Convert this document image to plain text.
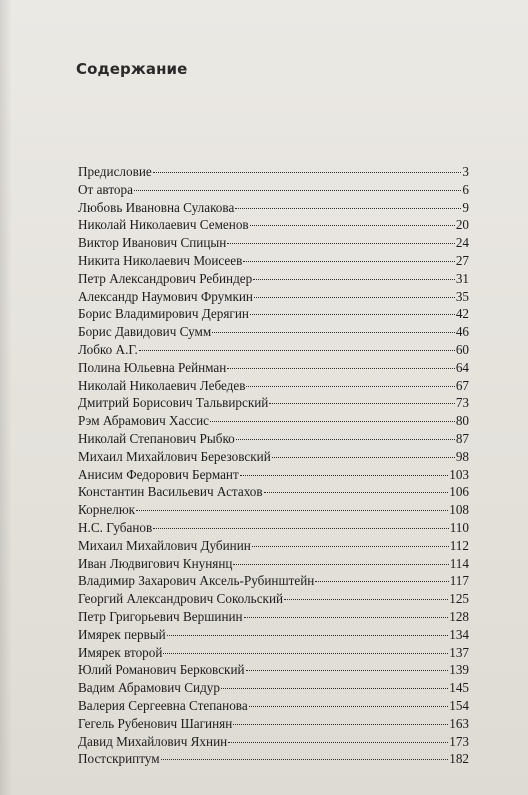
Содержание
Предисловие	3
От автора	6
Любовь Ивановна Сулакова	9
Николай Николаевич Семенов	20
Виктор Иванович Спицын	24
Никита Николаевич Моисеев	27
Петр Александрович Ребиндер	31
Александр Наумович Фрумкин	35
Борис Владимирович Дерягин	42
Борис Давидович Сумм	46
Лобко А.Г.	60
Полина Юльевна Рейнман	64
Николай Николаевич Лебедев	67
Дмитрий Борисович Тальвирский	73
Рэм Абрамович Хассис	80
Николай Степанович Рыбко	87
Михаил Михайлович Березовский	98
Анисим Федорович Бермант	103
Константин Васильевич Астахов	106
Корнелюк	108
Н.С. Губанов	110
Михаил Михайлович Дубинин	112
Иван Людвигович Кнунянц	114
Владимир Захарович Аксель-Рубинштейн	117
Георгий Александрович Сокольский	125
Петр Григорьевич Вершинин	128
Имярек первый	134
Имярек второй	137
Юлий Романович Берковский	139
Вадим Абрамович Сидур	145
Валерия Сергеевна Степанова	154
Гегель Рубенович Шагинян	163
Давид Михайлович Яхнин	173
Постскриптум	182
